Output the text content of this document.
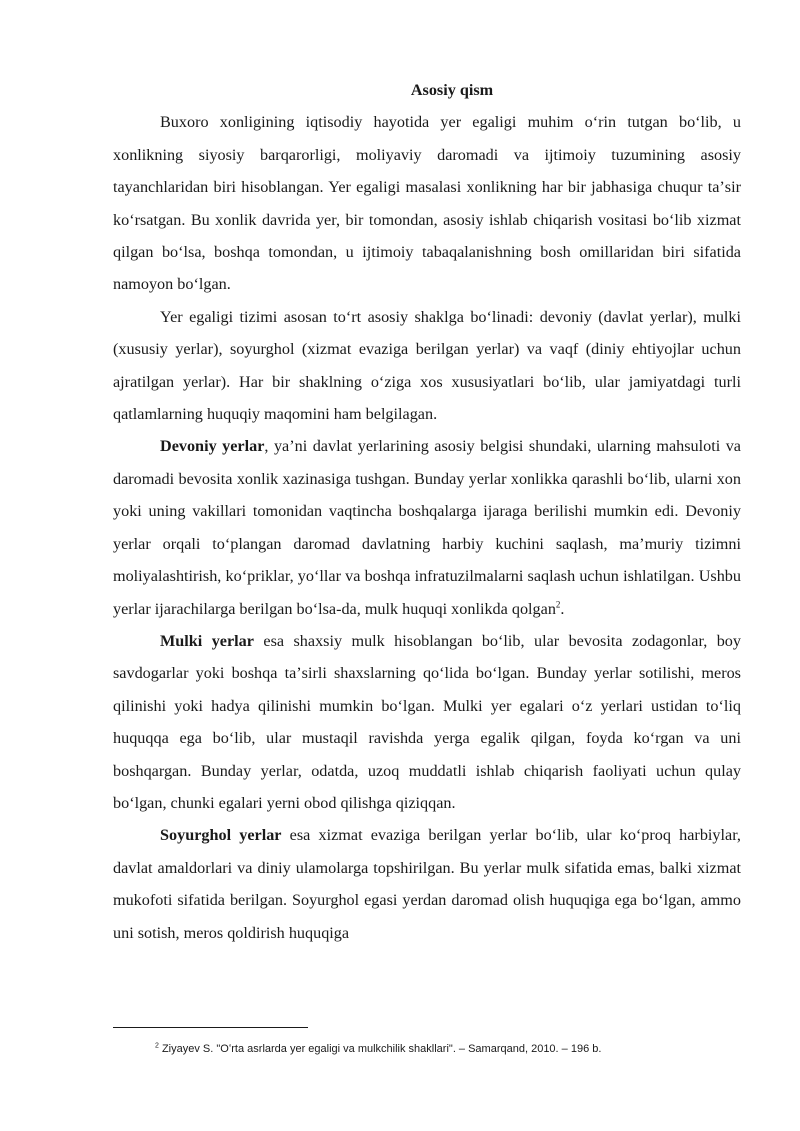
Asosiy qism

Buxoro xonligining iqtisodiy hayotida yer egaligi muhim oʻrin tutgan boʻlib, u xonlikning siyosiy barqarorligi, moliyaviy daromadi va ijtimoiy tuzumining asosiy tayanchlaridan biri hisoblangan. Yer egaligi masalasi xonlikning har bir jabhasiga chuqur taʼsir koʻrsatgan. Bu xonlik davrida yer, bir tomondan, asosiy ishlab chiqarish vositasi boʻlib xizmat qilgan boʻlsa, boshqa tomondan, u ijtimoiy tabaqalanishning bosh omillaridan biri sifatida namoyon boʻlgan.

Yer egaligi tizimi asosan toʻrt asosiy shaklga boʻlinadi: devoniy (davlat yerlar), mulki (xususiy yerlar), soyurghol (xizmat evaziga berilgan yerlar) va vaqf (diniy ehtiyojlar uchun ajratilgan yerlar). Har bir shaklning oʻziga xos xususiyatlari boʻlib, ular jamiyatdagi turli qatlamlarning huquqiy maqomini ham belgilagan.

Devoniy yerlar, yaʼni davlat yerlarining asosiy belgisi shundaki, ularning mahsuloti va daromadi bevosita xonlik xazinasiga tushgan. Bunday yerlar xonlikka qarashli boʻlib, ularni xon yoki uning vakillari tomonidan vaqtincha boshqalarga ijaraga berilishi mumkin edi. Devoniy yerlar orqali toʻplangan daromad davlatning harbiy kuchini saqlash, maʼmuriy tizimni moliyalashtirish, koʻpriklar, yoʻllar va boshqa infratuzilmalarni saqlash uchun ishlatilgan. Ushbu yerlar ijarachilarga berilgan boʻlsa-da, mulk huquqi xonlikda qolgan$^2$.

Mulki yerlar esa shaxsiy mulk hisoblangan boʻlib, ular bevosita zodagonlar, boy savdogarlar yoki boshqa taʼsirli shaxslarning qoʻlida boʻlgan. Bunday yerlar sotilishi, meros qilinishi yoki hadya qilinishi mumkin boʻlgan. Mulki yer egalari oʻz yerlari ustidan toʻliq huquqqa ega boʻlib, ular mustaqil ravishda yerga egalik qilgan, foyda koʻrgan va uni boshqargan. Bunday yerlar, odatda, uzoq muddatli ishlab chiqarish faoliyati uchun qulay boʻlgan, chunki egalari yerni obod qilishga qiziqqan.

Soyurghol yerlar esa xizmat evaziga berilgan yerlar boʻlib, ular koʻproq harbiylar, davlat amaldorlari va diniy ulamolarga topshirilgan. Bu yerlar mulk sifatida emas, balki xizmat mukofoti sifatida berilgan. Soyurghol egasi yerdan daromad olish huquqiga ega boʻlgan, ammo uni sotish, meros qoldirish huquqiga

$^2$ Ziyayev S. "Oʻrta asrlarda yer egaligi va mulkchilik shakllari". – Samarqand, 2010. – 196 b.
